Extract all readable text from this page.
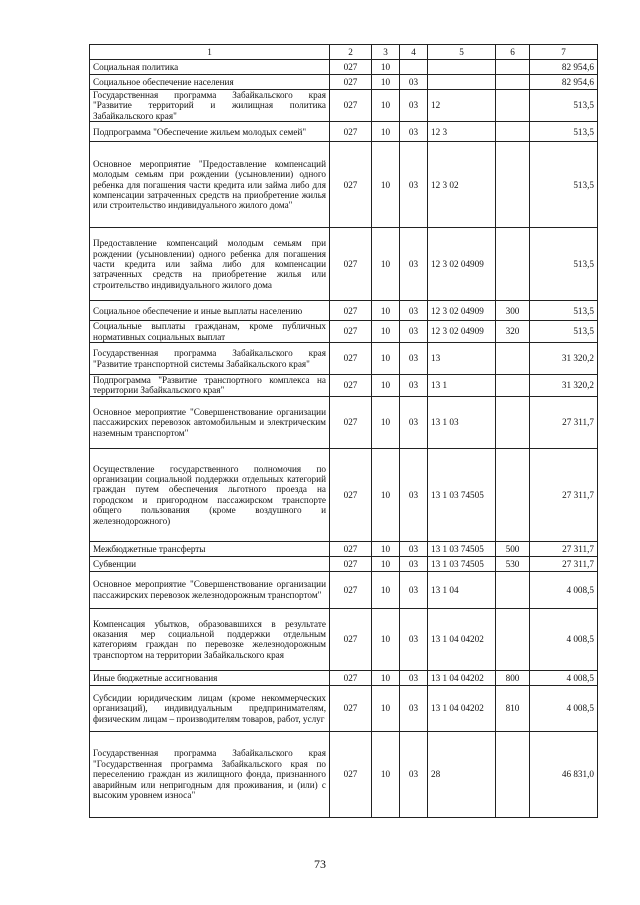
1	2	3	4	5	6	7
Социальная политика	027	10				82 954,6
Социальное обеспечение населения	027	10	03			82 954,6
Государственная программа Забайкальского края "Развитие территорий и жилищная политика Забайкальского края"	027	10	03	12		513,5
Подпрограмма "Обеспечение жильем молодых семей"	027	10	03	12 3		513,5
Основное мероприятие "Предоставление компенсаций молодым семьям при рождении (усыновлении) одного ребенка для погашения части кредита или займа либо для компенсации затраченных средств на приобретение жилья или строительство индивидуального жилого дома"	027	10	03	12 3 02		513,5
Предоставление компенсаций молодым семьям при рождении (усыновлении) одного ребенка для погашения части кредита или займа либо для компенсации затраченных средств на приобретение жилья или строительство индивидуального жилого дома	027	10	03	12 3 02 04909		513,5
Социальное обеспечение и иные выплаты населению	027	10	03	12 3 02 04909	300	513,5
Социальные выплаты гражданам, кроме публичных нормативных социальных выплат	027	10	03	12 3 02 04909	320	513,5
Государственная программа Забайкальского края "Развитие транспортной системы Забайкальского края"	027	10	03	13		31 320,2
Подпрограмма "Развитие транспортного комплекса на территории Забайкальского края"	027	10	03	13 1		31 320,2
Основное мероприятие "Совершенствование организации пассажирских перевозок автомобильным и электрическим наземным транспортом"	027	10	03	13 1 03		27 311,7
Осуществление государственного полномочия по организации социальной поддержки отдельных категорий граждан путем обеспечения льготного проезда на городском и пригородном пассажирском транспорте общего пользования (кроме воздушного и железнодорожного)	027	10	03	13 1 03 74505		27 311,7
Межбюджетные трансферты	027	10	03	13 1 03 74505	500	27 311,7
Субвенции	027	10	03	13 1 03 74505	530	27 311,7
Основное мероприятие "Совершенствование организации пассажирских перевозок железнодорожным транспортом"	027	10	03	13 1 04		4 008,5
Компенсация убытков, образовавшихся в результате оказания мер социальной поддержки отдельным категориям граждан по перевозке железнодорожным транспортом на территории Забайкальского края	027	10	03	13 1 04 04202		4 008,5
Иные бюджетные ассигнования	027	10	03	13 1 04 04202	800	4 008,5
Субсидии юридическим лицам (кроме некоммерческих организаций), индивидуальным предпринимателям, физическим лицам – производителям товаров, работ, услуг	027	10	03	13 1 04 04202	810	4 008,5
Государственная программа Забайкальского края "Государственная программа Забайкальского края по переселению граждан из жилищного фонда, признанного аварийным или непригодным для проживания, и (или) с высоким уровнем износа"	027	10	03	28		46 831,0
73
